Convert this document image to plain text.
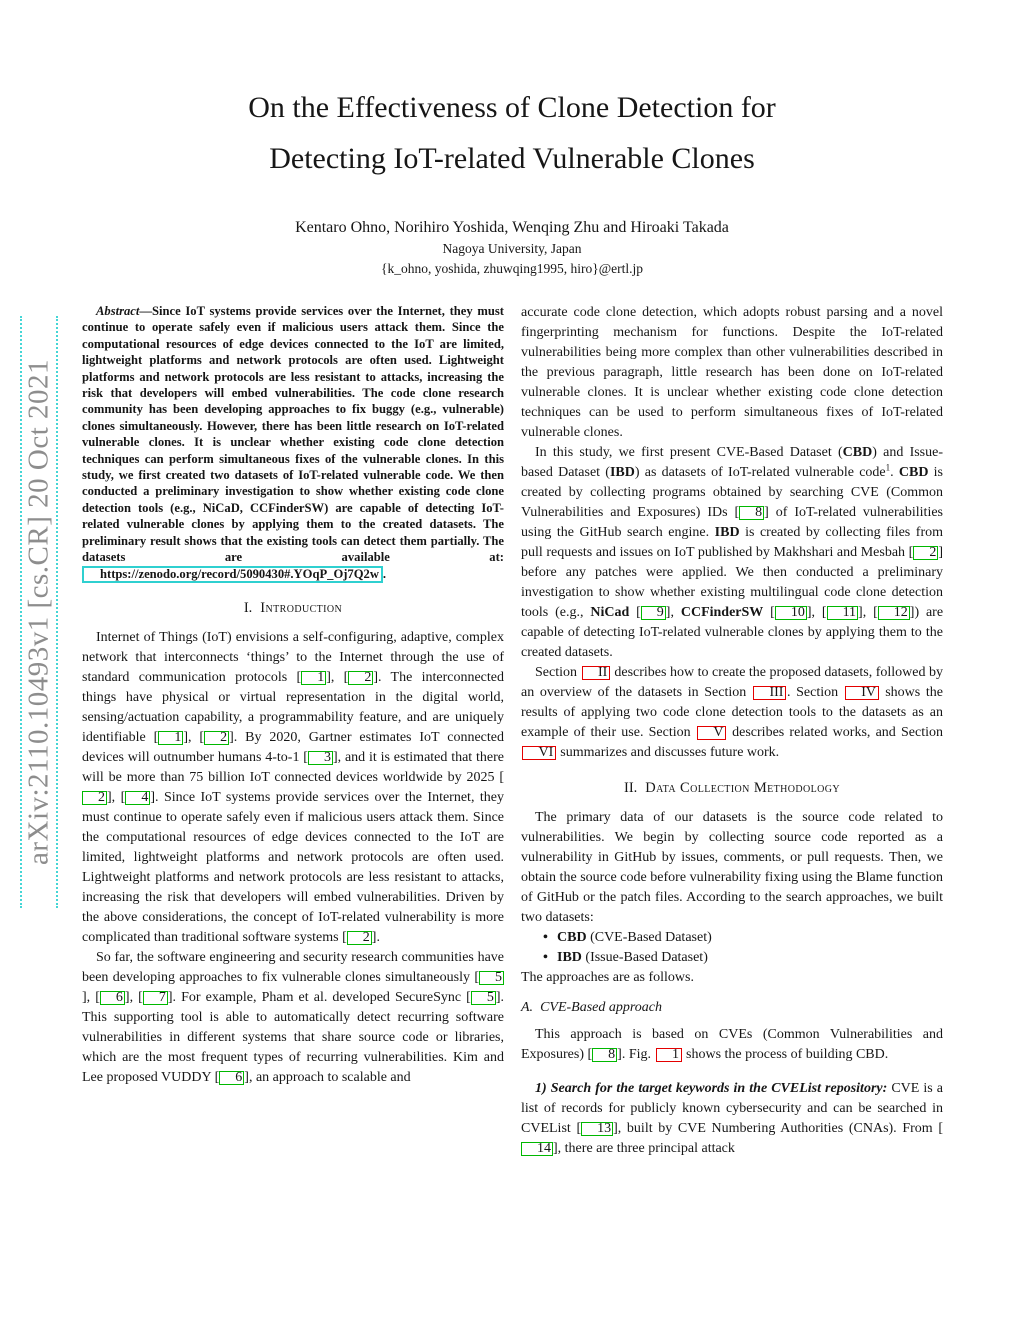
arXiv:2110.10493v1 [cs.CR] 20 Oct 2021
On the Effectiveness of Clone Detection for
Detecting IoT-related Vulnerable Clones
Kentaro Ohno, Norihiro Yoshida, Wenqing Zhu and Hiroaki Takada
Nagoya University, Japan
{k_ohno, yoshida, zhuwqing1995, hiro}@ertl.jp

Abstract—Since IoT systems provide services over the Internet, they must continue to operate safely even if malicious users attack them. Since the computational resources of edge devices connected to the IoT are limited, lightweight platforms and network protocols are often used. Lightweight platforms and network protocols are less resistant to attacks, increasing the risk that developers will embed vulnerabilities. The code clone research community has been developing approaches to fix buggy (e.g., vulnerable) clones simultaneously. However, there has been little research on IoT-related vulnerable clones. It is unclear whether existing code clone detection techniques can perform simultaneous fixes of the vulnerable clones. In this study, we first created two datasets of IoT-related vulnerable code. We then conducted a preliminary investigation to show whether existing code clone detection tools (e.g., NiCaD, CCFinderSW) are capable of detecting IoT-related vulnerable clones by applying them to the created datasets. The preliminary result shows that the existing tools can detect them partially. The datasets are available at: https://zenodo.org/record/5090430#.YOqP_Oj7Q2w .

I. Introduction

Internet of Things (IoT) envisions a self-configuring, adaptive, complex network that interconnects ‘things’ to the Internet through the use of standard communication protocols [ 1 ], [ 2 ]. The interconnected things have physical or virtual representation in the digital world, sensing/actuation capability, a programmability feature, and are uniquely identifiable [ 1 ], [ 2 ]. By 2020, Gartner estimates IoT connected devices will outnumber humans 4-to-1 [ 3 ], and it is estimated that there will be more than 75 billion IoT connected devices worldwide by 2025 [2 ], [ 4 ]. Since IoT systems provide services over the Internet, they must continue to operate safely even if malicious users attack them. Since the computational resources of edge devices connected to the IoT are limited, lightweight platforms and network protocols are often used. Lightweight platforms and network protocols are less resistant to attacks, increasing the risk that developers will embed vulnerabilities. Driven by the above considerations, the concept of IoT-related vulnerability is more complicated than traditional software systems [ 2 ].

So far, the software engineering and security research communities have been developing approaches to fix vulnerable clones simultaneously [ 5], [ 6 ], [ 7 ]. For example, Pham et al. developed SecureSync [ 5 ]. This supporting tool is able to automatically detect recurring software vulnerabilities in different systems that share source code or libraries, which are the most frequent types of recurring vulnerabilities. Kim and Lee proposed VUDDY [ 6 ], an approach to scalable and

accurate code clone detection, which adopts robust parsing and a novel fingerprinting mechanism for functions. Despite the IoT-related vulnerabilities being more complex than other vulnerabilities described in the previous paragraph, little research has been done on IoT-related vulnerable clones. It is unclear whether existing code clone detection techniques can be used to perform simultaneous fixes of IoT-related vulnerable clones.

In this study, we first present CVE-Based Dataset (CBD) and Issue-based Dataset (IBD) as datasets of IoT-related vulnerable code$^1$. CBD is created by collecting programs obtained by searching CVE (Common Vulnerabilities and Exposures) IDs [ 8 ] of IoT-related vulnerabilities using the GitHub search engine. IBD is created by collecting files from pull requests and issues on IoT published by Makhshari and Mesbah [ 2 ] before any patches were applied. We then conducted a preliminary investigation to show whether existing multilingual code clone detection tools (e.g., NiCad [ 9 ], CCFinderSW [ 10 ], [ 11 ], [ 12 ]) are capable of detecting IoT-related vulnerable clones by applying them to the created datasets.

Section II describes how to create the proposed datasets, followed by an overview of the datasets in Section III . Section IV shows the results of applying two code clone detection tools to the datasets as an example of their use. Section V describes related works, and Section VI summarizes and discusses future work.

II. Data Collection Methodology

The primary data of our datasets is the source code related to vulnerabilities. We begin by collecting source code reported as a vulnerability in GitHub by issues, comments, or pull requests. Then, we obtain the source code before vulnerability fixing using the Blame function of GitHub or the patch files. According to the search approaches, we built two datasets:

• CBD (CVE-Based Dataset)
• IBD (Issue-Based Dataset)

The approaches are as follows.

A. CVE-Based approach

This approach is based on CVEs (Common Vulnerabilities and Exposures) [ 8 ]. Fig. 1 shows the process of building CBD.

1) Search for the target keywords in the CVEList repository: CVE is a list of records for publicly known cybersecurity and can be searched in CVEList [ 13 ], built by CVE Numbering Authorities (CNAs). From [14 ], there are three principal attack
